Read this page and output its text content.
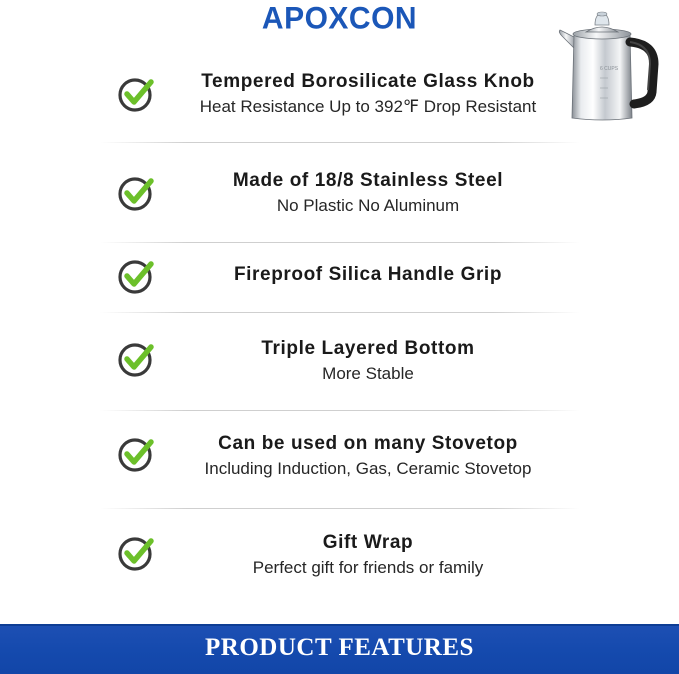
APOXCON
6 CUPS
Tempered Borosilicate Glass Knob
Heat Resistance Up to 392℉ Drop Resistant
Made of 18/8 Stainless Steel
No Plastic No Aluminum
Fireproof Silica Handle Grip
Triple Layered Bottom
More Stable
Can be used on many Stovetop
Including Induction, Gas, Ceramic Stovetop
Gift Wrap
Perfect gift for friends or family
PRODUCT FEATURES
